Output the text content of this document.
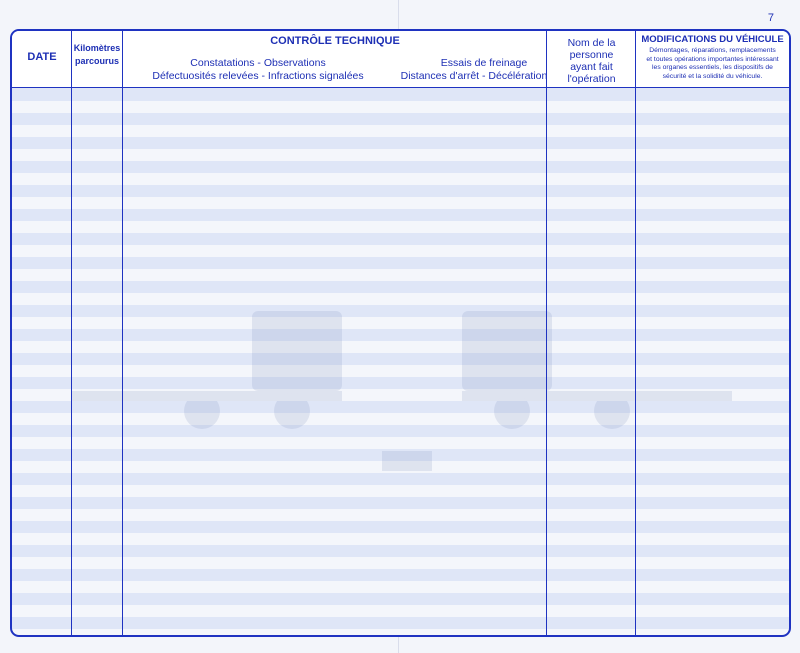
7
DATE
Kilomètres
parcourus
CONTRÔLE TECHNIQUE
Constatations - Observations
Défectuosités relevées - Infractions signalées
Essais de freinage
Distances d'arrêt - Décélération
Nom de la
personne
ayant fait
l'opération
MODIFICATIONS DU VÉHICULE
Démontages, réparations, remplacements
et toutes opérations importantes intéressant
les organes essentiels, les dispositifs de
sécurité et la solidité du véhicule.
